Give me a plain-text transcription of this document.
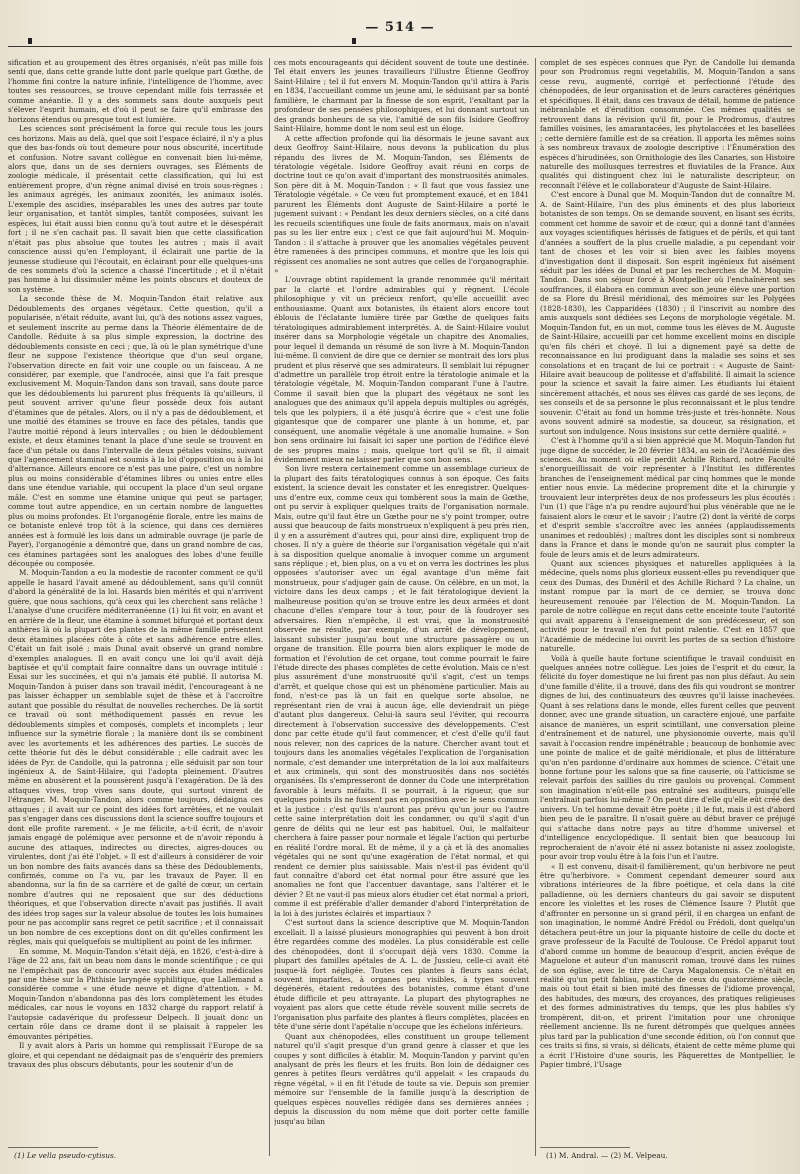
— 514 —

sification et au groupement des êtres organisés, n'eût pas mille fois senti que, dans cette grande lutte dont parle quelque part Gœthe, de l'homme fini contre la nature infinie, l'intelligence de l'homme, avec toutes ses ressources, se trouve cependant mille fois terrassée et comme anéantie. Il y a des sommets sans doute auxquels peut s'élever l'esprit humain, et d'où il peut se faire qu'il embrasse des horizons étendus ou presque tout est lumière.

Les sciences sont précisément la force qui recule tous les jours ces horizons. Mais au delà, quel que soit l'espace éclairé, il n'y a plus que des bas-fonds où tout demeure pour nous obscurité, incertitude et confusion. Notre savant collègue en convenait bien lui-même, alors que, dans un de ses derniers ouvrages, ses Éléments de zoologie médicale, il présentait cette classification, qui lui est entièrement propre, d'un règne animal divisé en trois sous-règnes : les animaux agrégés, les animaux zoonités, les animaux isolés. L'exemple des ascidies, inséparables les unes des autres par toute leur organisation, et tantôt simples, tantôt composées, suivant les espèces, lui était aussi bien connu qu'à tout autre et le désespérait fort ; il ne s'en cachait pas. Il savait bien que cette classification n'était pas plus absolue que toutes les autres ; mais il avait conscience aussi qu'en l'employant, il éclairait une partie de la jeunesse studieuse qui l'écoutait, en éclairant pour elle quelques-uns de ces sommets d'où la science a chassé l'incertitude ; et il n'était pas homme à lui dissimuler même les points obscurs et douteux de son système.

La seconde thèse de M. Moquin-Tandon était relative aux Dédoublements des organes végétaux. Cette question, qu'il a popularisée, n'était réduite, avant lui, qu'à des notions assez vagues, et seulement inscrite au perme dans la Théorie élémentaire de de Candolle. Réduite à sa plus simple expression, la doctrine des dédoublements consiste en ceci ; que, là où le plan symétrique d'une fleur ne suppose l'existence théorique que d'un seul organe, l'observation directe en fait voir une couple ou un faisceau. A ne considérer, par exemple, que l'androcée, ainsi que l'a fait presque exclusivement M. Moquin-Tandon dans son travail, sans doute parce que les dédoublements lui parurent plus fréquents là qu'ailleurs, il peut souvent arriver qu'une fleur possède deux fois autant d'étamines que de pétales. Alors, ou il n'y a pas de dédoublement, et une moitié des étamines se trouve en face des pétales, tandis que l'autre moitié répond à leurs intervalles ; ou bien le dédoublement existe, et deux étamines tenant la place d'une seule se trouvent en face d'un pétale ou dans l'intervalle de deux pétales voisins, suivant que l'agencement staminal est soumis à la loi d'opposition ou à la loi d'alternance. Ailleurs encore ce n'est pas une paire, c'est un nombre plus ou moins considérable d'étamines libres ou unies entre elles dans une étendue variable, qui occupent la place d'un seul organe mâle. C'est en somme une étamine unique qui peut se partager, comme tout autre appendice, en un certain nombre de languettes plus ou moins profondes. Et l'organogénie florale, entre les mains de ce botaniste enlevé trop tôt à la science, qui dans ces dernières années est à formulé les lois dans un admirable ouvrage (je parle de Payer), l'organogénie a démontré que, dans un grand nombre de cas, ces étamines partagées sont les analogues des lobes d'une feuille découpée ou composée.

M. Moquin-Tandon a eu la modestie de raconter comment ce qu'il appelle le hasard l'avait amené au dédoublement, sans qu'il connût d'abord la généralité de la loi. Hasards bien mérités et qui n'arrivent guère, que nous sachions, qu'à ceux qui les cherchent sans relâche ! L'analyse d'une crucifère méditerranéenne (1) lui fit voir, en avant et en arrière de la fleur, une étamine à sommet bifurqué et portant deux anthères là où la plupart des plantes de la même famille présentent deux étamines placées côte à côte et sans adhérence entre elles. C'était un fait isolé ; mais Dunal avait observé un grand nombre d'exemples analogues. Il en avait conçu une loi qu'il avait déjà baptisée et qu'il comptait faire connaître dans un ouvrage intitulé : Essai sur les succinées, et qui n'a jamais été publié. Il autorisa M. Moquin-Tandon à puiser dans son travail inédit, l'encourageant à ne pas laisser échapper un semblable sujet de thèse et à l'accroître autant que possible du résultat de nouvelles recherches. De là sortit ce travail où sont méthodiquement passés en revue les dédoublements simples et composés, complets et incomplets ; leur influence sur la symétrie florale ; la manière dont ils se combinent avec les avortements et les adhérences des parties. Le succès de cette théorie fut dès le début considérable ; elle cadrait avec les idées de Pyr. de Candolle, qui la patronna ; elle séduisit par son tour ingénieux A. de Saint-Hilaire, qui l'adopta pleinement. D'autres même en abusèrent et la poussèrent jusqu'à l'exagération. De là des attaques vives, trop vives sans doute, qui surtout vinrent de l'étranger. M. Moquin-Tandon, alors comme toujours, dédaigna ces attaques ; il avait sur ce point des idées fort arrêtées, et ne voulait pas s'engager dans ces discussions dont la science souffre toujours et dont elle profite rarement. « Je me félicite, a-t-il écrit, de n'avoir jamais engagé de polémique avec personne et de n'avoir répondu à aucune des attaques, indirectes ou directes, aigres-douces ou virulentes, dont j'ai été l'objet. » Il est d'ailleurs à considérer de voir un bon nombre des faits avancés dans sa thèse des Dédoublements, confirmés, comme on l'a vu, par les travaux de Payer. Il en abandonna, sur la fin de sa carrière et de gaîté de cœur, un certain nombre d'autres qui ne reposaient que sur des déductions théoriques, et que l'observation directe n'avait pas justifiés. Il avait des idées trop sages sur la valeur absolue de toutes les lois humaines pour ne pas accomplir sans regret ce petit sacrifice ; et il connaissait un bon nombre de ces exceptions dont on dit qu'elles confirment les règles, mais qui quelquefois se multiplient au point de les infirmer.

En somme, M. Moquin-Tandon s'était déjà, en 1826, c'est-à-dire à l'âge de 22 ans, fait un beau nom dans le monde scientifique ; ce qui ne l'empêchait pas de concourir avec succès aux études médicales par une thèse sur la Phthisie laryngée syphilitique, que Lallemand a considérée comme « une étude neuve et digne d'attention. » M. Moquin-Tandon n'abandonna pas dès lors complètement les études médicales, car nous le voyons en 1832 chargé du rapport relatif à l'autopsie cadavérique du professeur Delpech. Il jouait donc un certain rôle dans ce drame dont il se plaisait à rappeler les émouvantes péripéties.

Il y avait alors à Paris un homme qui remplissait l'Europe de sa gloire, et qui cependant ne dédaignait pas de s'enquérir des premiers travaux des plus obscurs débutants, pour les soutenir d'un de

(1) Le vella pseudo-cytisus.

ces mots encourageants qui décident souvent de toute une destinée. Tel était envers les jeunes travailleurs l'illustre Étienne Geoffroy Saint-Hilaire ; tel il fut envers M. Moquin-Tandon qu'il attira à Paris en 1834, l'accueillant comme un jeune ami, le séduisant par sa bonté familière, le charmant par la finesse de son esprit, l'exaltant par la profondeur de ses pensées philosophiques, et lui donnant surtout un des grands bonheurs de sa vie, l'amitié de son fils Isidore Geoffroy Saint-Hilaire, homme dont le nom seul est un éloge.

A cette affection profonde qui lia désormais le jeune savant aux deux Geoffroy Saint-Hilaire, nous devons la publication du plus répandu des livres de M. Moquin-Tandon, ses Éléments de tératologie végétale. Isidore Geoffroy avait réuni en corps de doctrine tout ce qu'on avait d'important des monstruosités animales. Son père dit à M. Moquin-Tandon : « Il faut que vous fassiez une Tératologie végétale. » Ce vœu fut promptement exaucé, et en 1841 parurent les Éléments dont Auguste de Saint-Hilaire a porté le jugement suivant : « Pendant les deux derniers siècles, on a cité dans les recueils scientifiques une foule de faits anormaux, mais on n'avait pas su les lier entre eux ; c'est ce que fait aujourd'hui M. Moquin-Tandon : il s'attache à prouver que les anomalies végétales peuvent être ramenées à des principes communs, et montre que les lois qui régissent ces anomalies ne sont autres que celles de l'organographie. »

L'ouvrage obtint rapidement la grande renommée qu'il méritait par la clarté et l'ordre admirables qui y règnent. L'école philosophique y vit un précieux renfort, qu'elle accueillit avec enthousiasme. Quant aux botanistes, ils étaient alors encore tout éblouis de l'éclatante lumière tirée par Gœthe de quelques faits tératologiques admirablement interprétés. A. de Saint-Hilaire voulut insérer dans sa Morphologie végétale un chapitre des Anomalies, pour lequel il demanda un résumé de son livre à M. Moquin-Tandon lui-même. Il convient de dire que ce dernier se montrait des lors plus prudent et plus réservé que ses admirateurs. Il semblait lui répugner d'admettre un parallèle trop étroit entre la tératologie animale et la tératologie végétale, M. Moquin-Tandon comparant l'une à l'autre. Comme il savait bien que la plupart des végétaux ne sont les analogues que des animaux qu'il appela depuis multiples ou agrégés, tels que les polypiers, il a été jusqu'à écrire que « c'est une folie gigantesque que de comparer une plante à un homme, et, par conséquent, une anomalie végétale à une anomalie humaine. » Son bon sens ordinaire lui faisait ici saper une portion de l'édifice élevé de ses propres mains ; mais, quelque tort qu'il se fît, il aimait évidemment mieux ne laisser parler que son bon sens.

Son livre restera certainement comme un assemblage curieux de la plupart des faits tératologiques connus à son époque. Ces faits existent, la science devait les constater et les enregistrer. Quelques-uns d'entre eux, comme ceux qui tombèrent sous la main de Gœthe, ont pu servir à expliquer quelques traits de l'organisation normale. Mais, outre qu'il faut être un Gœthe pour ne s'y point tromper, outre aussi que beaucoup de faits monstrueux n'expliquent à peu près rien, il y en a assurément d'autres qui, pour ainsi dire, expliquent trop de choses. Il n'y a guère de théorie sur l'organisation végétale qui n'ait à sa disposition quelque anomalie à invoquer comme un argument sans réplique ; et, bien plus, on a vu et on verra les doctrines les plus opposées s'autoriser avec un égal avantage d'un même fait monstrueux, pour s'adjuger gain de cause. On célèbre, en un mot, la victoire dans les deux camps ; et le fait tératologique devient la malheureuse position qu'on se trouve entre les deux armées et dont chacune d'elles s'empare tour à tour, pour de là foudroyer ses adversaires. Rien n'empêche, il est vrai, que la monstruosité observée ne résulte, par exemple, d'un arrêt de développement, laissant subsister jusqu'au bout une structure passagère ou un organe de transition. Elle pourra bien alors expliquer le mode de formation et l'évolution de cet organe, tout comme pourrait le faire l'étude directe des phases complètes de cette évolution. Mais ce n'est plus assurément d'une monstruosité qu'il s'agit, c'est un temps d'arrêt, et quelque chose qui est un phénomène particulier. Mais au fond, n'est-ce pas là un fait en quelque sorte absolue, ne représentant rien de vrai à aucun âge, elle deviendrait un piège d'autant plus dangereux. Celui-là saura seul l'éviter, qui recourra directement à l'observation successive des développements. C'est donc par cette étude qu'il faut commencer, et c'est d'elle qu'il faut nous relever, non des caprices de la nature. Chercher avant tout et toujours dans les anomalies végétales l'explication de l'organisation normale, c'est demander une interprétation de la loi aux malfaiteurs et aux criminels, qui sont des monstruosités dans nos sociétés organisées. Ils s'empresseront de donner du Code une interprétation favorable à leurs méfaits. Il se pourrait, à la rigueur, que sur quelques points ils ne fussent pas en opposition avec le sens commun et la justice : c'est qu'ils n'auront pas prévu qu'un jour ou l'autre cette saine interprétation doit les condamner, ou qu'il s'agit d'un genre de délits qui ne leur est pas habituel. Oui, le malfaiteur cherchera à faire passer pour normale et légale l'action qui perturbe en réalité l'ordre moral. Et de même, il y a çà et là des anomalies végétales qui ne sont qu'une exagération de l'état normal, et qui rendent ce dernier plus saisissable. Mais n'est-il pas évident qu'il faut connaître d'abord cet état normal pour être assuré que les anomalies ne font que l'accentuer davantage, sans l'altérer et le dévier ? Et ne vaut-il pas mieux alors étudier cet état normal a priori, comme il est préférable d'aller demander d'abord l'interprétation de la loi à des juristes éclairés et impartiaux ?

C'est surtout dans la science descriptive que M. Moquin-Tandon excellait. Il a laissé plusieurs monographies qui peuvent à bon droit être regardées comme des modèles. La plus considérable est celle des chénopodées, dont il s'occupait déjà vers 1830. Comme la plupart des familles apétales de A. L. de Jussieu, celle-ci avait été jusque-là fort négligée. Toutes ces plantes à fleurs sans éclat, souvent imparfaites, à organes peu visibles, à types souvent dégénérés, étaient redoutées des botanistes, comme étant d'une étude difficile et peu attrayante. La plupart des phytographes ne voyaient pas alors que cette étude révèle souvent mille secrets de l'organisation plus parfaite des plantes à fleurs complètes, placées en tête d'une série dont l'apétalie n'occupe que les échelons inférieurs.

Quant aux chénopodées, elles constituent un groupe tellement naturel qu'il s'agit presque d'un grand genre à classer et que les coupes y sont difficiles à établir. M. Moquin-Tandon y parvint qu'en analysant de près les fleurs et les fruits. Bon loin de dédaigner ces genres à petites fleurs verdâtres qu'il appelait « les crapauds du règne végétal, » il en fit l'étude de toute sa vie. Depuis son premier mémoire sur l'ensemble de la famille jusqu'à la description de quelques espèces nouvelles rédigée dans ses dernières années ; depuis la discussion du nom même que doit porter cette famille jusqu'au bilan

complet de ses espèces connues que Pyr. de Candolle lui demanda pour son Prodromus regni vegetabilis, M. Moquin-Tandon a sans cesse revu, augmenté, corrigé et perfectionné l'étude des chénopodées, de leur organisation et de leurs caractères génériques et spécifiques. Il était, dans ces travaux de détail, homme de patience inébranlable et d'érudition consommée. Ces mêmes qualités se retrouvent dans la révision qu'il fit, pour le Prodromus, d'autres familles voisines, les amarantacées, les phytolaccées et les basellées ; cette dernière famille est de sa création. Il apporta les mêmes soins à ses nombreux travaux de zoologie descriptive : l'Énumération des espèces d'hirudinées, son Ornithologie des îles Canaries, son Histoire naturelle des mollusques terrestres et fluviatiles de la France. Aux qualités qui distinguent chez lui le naturaliste descripteur, on reconnaît l'élève et le collaborateur d'Auguste de Saint-Hilaire.

C'est encore à Dunal que M. Moquin-Tandon dut de connaître M. A. de Saint-Hilaire, l'un des plus éminents et des plus laborieux botanistes de son temps. On se demande souvent, en lisant ses écrits, comment cet homme de savoir et de cœur, qui a donné tant d'années aux voyages scientifiques hérissés de fatigues et de périls, et qui tant d'années a souffert de la plus cruelle maladie, a pu cependant voir tant de choses et les voir si bien avec les faibles moyens d'investigation dont il disposait. Son esprit ingénieux fut aisément séduit par les idées de Dunal et par les recherches de M. Moquin-Tandon. Dans son séjour forcé à Montpellier où l'enchaînèrent ses souffrances, il élabora en commun avec son jeune élève une portion de sa Flore du Brésil méridional, des mémoires sur les Polygées (1828-1830), les Capparidées (1830) ; il l'inscrivit au nombre des amis auxquels sont dédiées ses Leçons de morphologie végétale. M. Moquin-Tandon fut, en un mot, comme tous les élèves de M. Auguste de Saint-Hilaire, accueilli par cet homme excellent moins en disciple qu'en fils chéri et choyé. Il lui a dignement payé sa dette de reconnaissance en lui prodiguant dans la maladie ses soins et ses consolations et en traçant de lui ce portrait : « Auguste de Saint-Hilaire avait beaucoup de politesse et d'affabilité. Il aimait la science pour la science et savait la faire aimer. Les étudiants lui étaient sincèrement attachés, et nous ses élèves cas gardé de ses leçons, de ses conseils et de sa personne le plus reconnaissant et le plus tendre souvenir. C'était au fond un homme très-juste et très-honnête. Nous avons souvent admiré sa modestie, sa douceur, sa résignation, et surtout son indulgence. Nous insistons sur cette dernière qualité. »

C'est à l'homme qu'il a si bien apprécié que M. Moquin-Tandon fut juge digne de succéder, le 20 février 1834, au sein de l'Académie des sciences. Au moment où elle perdit Achille Richard, notre Faculté s'enorgueillissait de voir représenter à l'Institut les différentes branches de l'enseignement médical par cinq hommes que le monde entier nous envie. La médecine proprement dite et la chirurgie y trouvaient leur interprètes deux de nos professeurs les plus écoutés : l'un (1) que l'âge n'a pu rendre aujourd'hui plus vénérable que ne le faisaient alors le cœur et le savoir ; l'autre (2) dont la vérité de corps et d'esprit semble s'accroître avec les années (applaudissements unanimes et redoublés) ; maîtres dont les disciples sont si nombreux dans la France et dans le monde qu'on ne saurait plus compter la foule de leurs amis et de leurs admirateurs.

Quant aux sciences physiques et naturelles appliquées à la médecine, quels noms plus glorieux eussent-elles pu revendiquer que ceux des Dumas, des Dunéril et des Achille Richard ? La chaîne, un instant rompue par la mort de ce dernier, se trouva donc heureusement renouée par l'élection de M. Moquin-Tandon. La parole de notre collègue en reçut dans cette enceinte toute l'autorité qui avait apparenu à l'enseignement de son prédécesseur, et son activité pour le travail n'en fut point ralentie. C'est en 1857 que l'Académie de médecine lui ouvrit les portes de sa section d'histoire naturelle.

Voilà à quelle haute fortune scientifique le travail conduisit en quelques années notre collègue. Les joies de l'esprit et du cœur, la félicité du foyer domestique ne lui firent pas non plus défaut. Au sein d'une famille d'élite, il a trouvé, dans des fils qui voudront se montrer dignes de lui, des continuateurs des œuvres qu'il laisse inachevées. Quant à ses relations dans le monde, elles furent celles que peuvent donner, avec une grande situation, un caractère enjoué, une parfaite aisance de manières, un esprit scintillant, une conversation pleine d'entraînement et de naturel, une physionomie ouverte, mais qu'il savait à l'occasion rendre impénétrable ; beaucoup de bonhomie avec une pointe de malice et de gaîté méridionale, et plus de littérature qu'on n'en pardonne d'ordinaire aux hommes de science. C'était une bonne fortune pour les salons que sa fine causerie, où l'atticisme se relevait parfois des saillies du rire gaulois ou provençal. Comment son imagination n'eût-elle pas entraîné ses auditeurs, puisqu'elle l'entraînait parfois lui-même ? On peut dire d'elle qu'elle eût créé des univers. Un tel homme devait être poète ; il le fut, mais il est d'abord bien peu de le paraître. Il n'osait guère au début braver ce préjugé qui s'attache dans notre pays au titre d'homme universel et d'intelligence encyclopédique. Il sentait bien que beaucoup lui reprocheraient de n'avoir été ni assez botaniste ni assez zoologiste, pour avoir trop voulu être à la fois l'un et l'autre.

« Il est convenu, disait-il familièrement, qu'un herbivore ne peut être qu'herbivore. » Comment cependant demeurer sourd aux vibrations intérieures de la fibre poétique, et cela dans la cité palladienne, où les derniers chanteurs du gai savoir se disputent encore les violettes et les roses de Clémence Isaure ? Plutôt que d'affronter en personne un si grand péril, il en chargea un enfant de son imagination, le nommé André Frédol ou Frédoli, dont quelqu'un détachera peut-être un jour la piquante histoire de celle du docte et grave professeur de la Faculté de Toulouse. Ce Frédol apparut tout d'abord comme un homme de beaucoup d'esprit, ancien évêque de Maguelone et auteur d'un manuscrit roman, trouvé dans les ruines de son église, avec le titre de Carya Magalonensis. Ce n'était en réalité qu'un petit fabliau, pastiche de ceux du quatorzième siècle, mais où tout était si bien imité des finesses de l'idiome provençal, des habitudes, des mœurs, des croyances, des pratiques religieuses et des formes administratives du temps, que les plus habiles s'y trompèrent, dit-on, et prirent l'imitation pour une chronique réellement ancienne. Ils ne furent détrompés que quelques années plus tard par la publication d'une seconde édition, où l'on connut que ces traits si fins, si vrais, si délicats, étaient de cette même plume qui a écrit l'Histoire d'une souris, les Pâquerettes de Montpellier, le Papier timbré, l'Usage

(1) M. Andral. — (2) M. Velpeau.
